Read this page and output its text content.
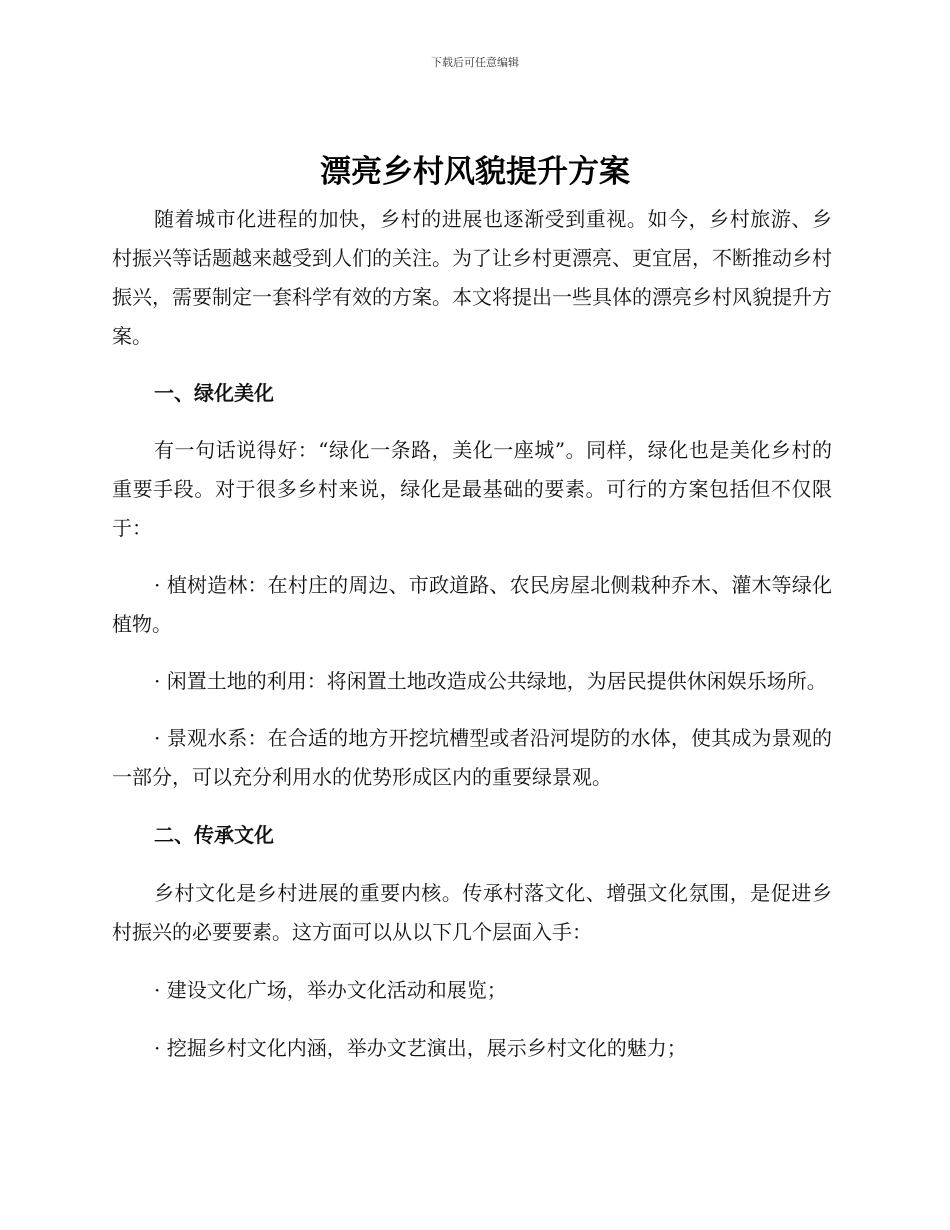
下载后可任意编辑
漂亮乡村风貌提升方案

随着城市化进程的加快，乡村的进展也逐渐受到重视。如今，乡村旅游、乡村振兴等话题越来越受到人们的关注。为了让乡村更漂亮、更宜居，不断推动乡村振兴，需要制定一套科学有效的方案。本文将提出一些具体的漂亮乡村风貌提升方案。

一、绿化美化

有一句话说得好：“绿化一条路，美化一座城”。同样，绿化也是美化乡村的重要手段。对于很多乡村来说，绿化是最基础的要素。可行的方案包括但不仅限于：

· 植树造林：在村庄的周边、市政道路、农民房屋北侧栽种乔木、灌木等绿化植物。

· 闲置土地的利用：将闲置土地改造成公共绿地，为居民提供休闲娱乐场所。

· 景观水系：在合适的地方开挖坑槽型或者沿河堤防的水体，使其成为景观的一部分，可以充分利用水的优势形成区内的重要绿景观。

二、传承文化

乡村文化是乡村进展的重要内核。传承村落文化、增强文化氛围，是促进乡村振兴的必要要素。这方面可以从以下几个层面入手：

· 建设文化广场，举办文化活动和展览；

· 挖掘乡村文化内涵，举办文艺演出，展示乡村文化的魅力；
